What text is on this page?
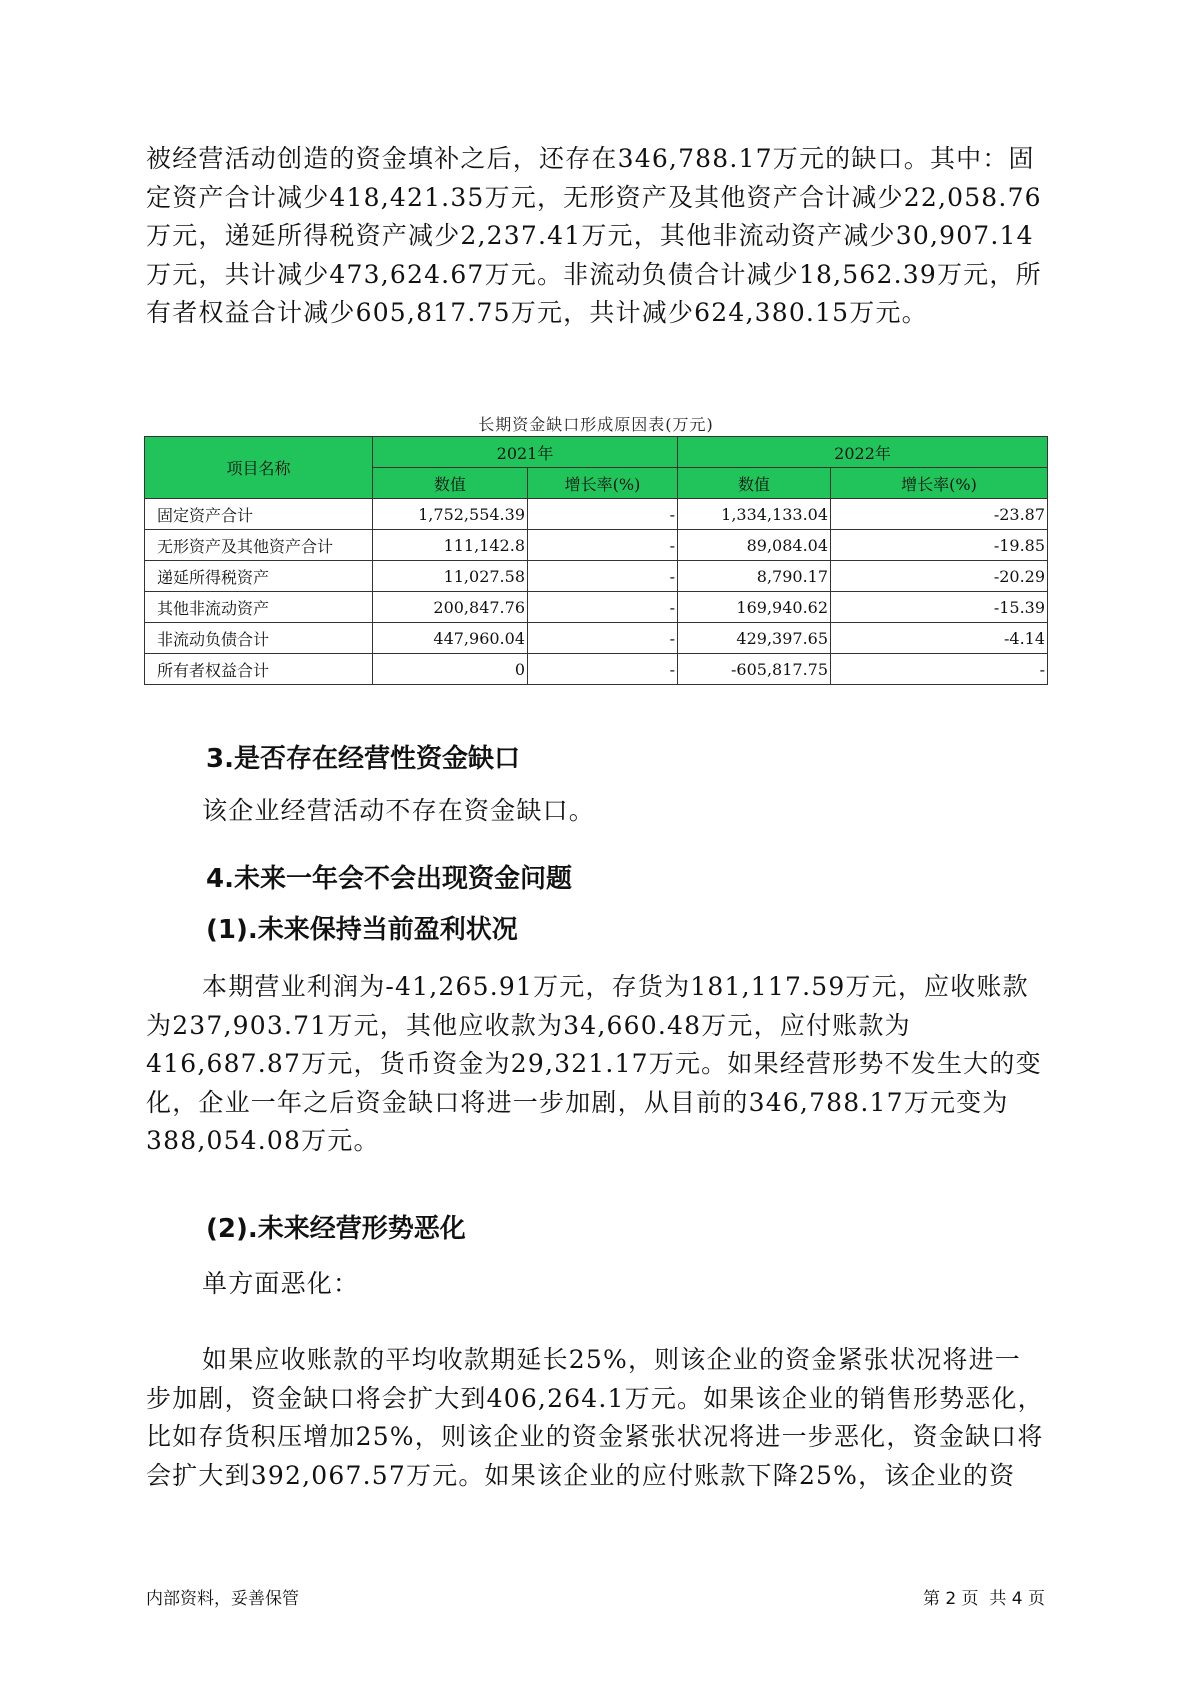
被经营活动创造的资金填补之后，还存在346,788.17万元的缺口。其中：固定资产合计减少418,421.35万元，无形资产及其他资产合计减少22,058.76万元，递延所得税资产减少2,237.41万元，其他非流动资产减少30,907.14万元，共计减少473,624.67万元。非流动负债合计减少18,562.39万元，所有者权益合计减少605,817.75万元，共计减少624,380.15万元。

长期资金缺口形成原因表(万元)
项目名称	2021年		2022年	
	数值	增长率(%)	数值	增长率(%)
固定资产合计	1,752,554.39	-	1,334,133.04	-23.87
无形资产及其他资产合计	111,142.8	-	89,084.04	-19.85
递延所得税资产	11,027.58	-	8,790.17	-20.29
其他非流动资产	200,847.76	-	169,940.62	-15.39
非流动负债合计	447,960.04	-	429,397.65	-4.14
所有者权益合计	0	-	-605,817.75	-
3.是否存在经营性资金缺口

该企业经营活动不存在资金缺口。

4.未来一年会不会出现资金问题
(1).未来保持当前盈利状况

本期营业利润为-41,265.91万元，存货为181,117.59万元，应收账款为237,903.71万元，其他应收款为34,660.48万元，应付账款为416,687.87万元，货币资金为29,321.17万元。如果经营形势不发生大的变化，企业一年之后资金缺口将进一步加剧，从目前的346,788.17万元变为388,054.08万元。

(2).未来经营形势恶化

单方面恶化：

如果应收账款的平均收款期延长25%，则该企业的资金紧张状况将进一步加剧，资金缺口将会扩大到406,264.1万元。如果该企业的销售形势恶化，比如存货积压增加25%，则该企业的资金紧张状况将进一步恶化，资金缺口将会扩大到392,067.57万元。如果该企业的应付账款下降25%，该企业的资

内部资料，妥善保管	第 2 页  共 4 页
